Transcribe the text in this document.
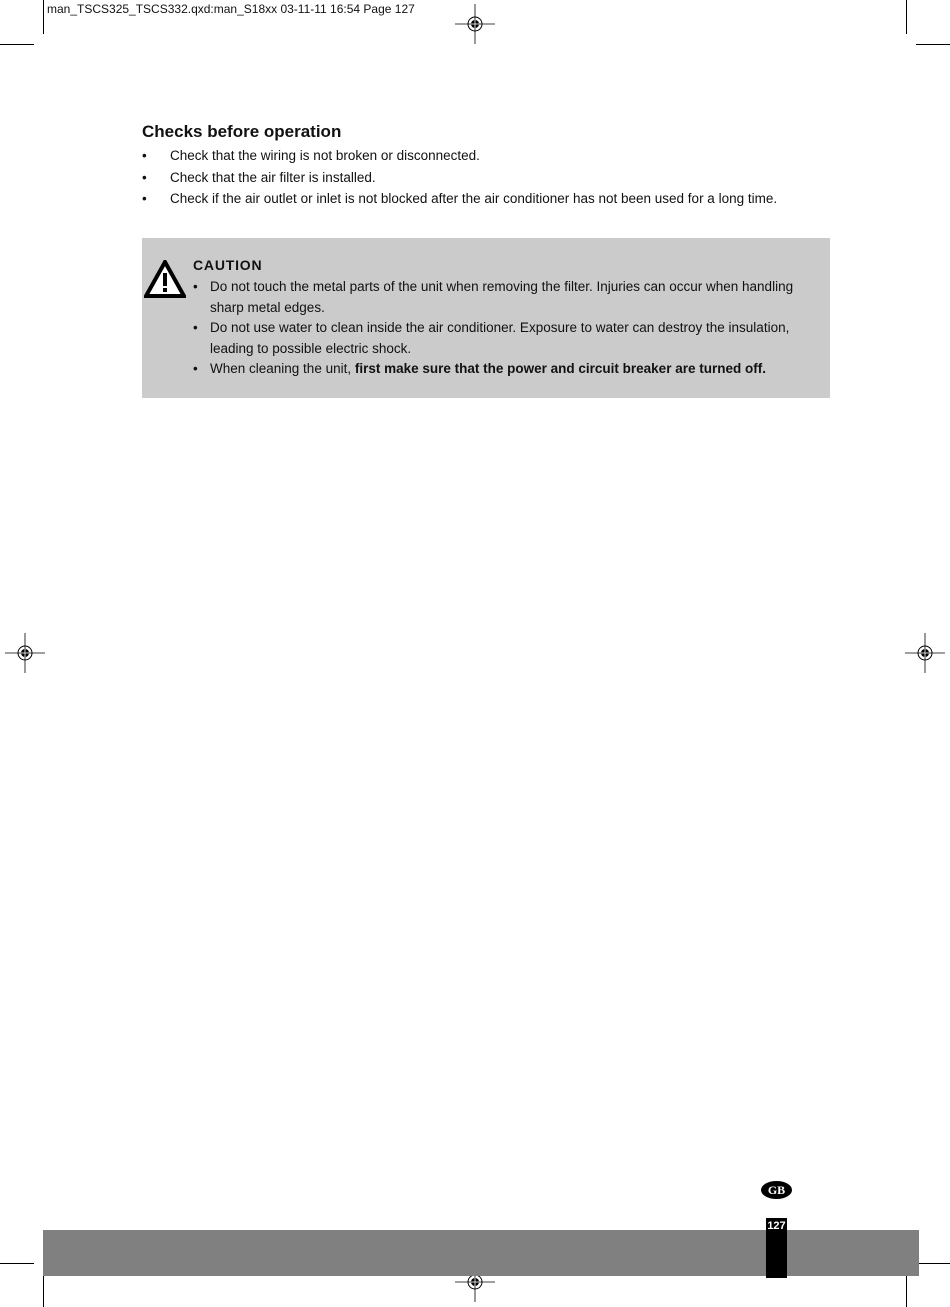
man_TSCS325_TSCS332.qxd:man_S18xx 03-11-11 16:54 Page 127
Checks before operation
• Check that the wiring is not broken or disconnected.
• Check that the air filter is installed.
• Check if the air outlet or inlet is not blocked after the air conditioner has not been used for a long time.
CAUTION
• Do not touch the metal parts of the unit when removing the filter. Injuries can occur when handling sharp metal edges.
• Do not use water to clean inside the air conditioner. Exposure to water can destroy the insulation, leading to possible electric shock.
• When cleaning the unit, first make sure that the power and circuit breaker are turned off.
GB
127
